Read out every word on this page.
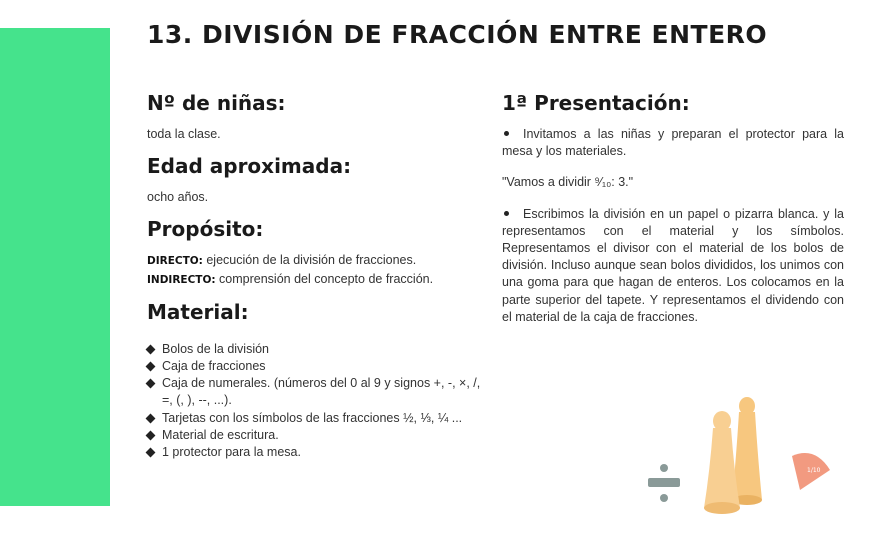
13. DIVISIÓN DE FRACCIÓN ENTRE ENTERO
Nº de niñas:
toda la clase.
Edad aproximada:
ocho años.
Propósito:
DIRECTO: ejecución de la división de fracciones.
INDIRECTO: comprensión del concepto de fracción.
Material:
Bolos de la división
Caja de fracciones
Caja de numerales. (números del 0 al 9 y signos +, -, ×, /, =, (, ), --, ...).
Tarjetas con los símbolos de las fracciones ½, ⅓, ¼ ...
Material de escritura.
1 protector para la mesa.
1ª Presentación:

Invitamos a las niñas y preparan el protector para la mesa y los materiales.

"Vamos a dividir ⁹⁄₁₀: 3."

Escribimos la división en un papel o pizarra blanca. y la representamos con el material y los símbolos. Representamos el divisor con el material de los bolos de división. Incluso aunque sean bolos divididos, los unimos con una goma para que hagan de enteros. Los colocamos en la parte superior del tapete. Y representamos el dividendo con el material de la caja de fracciones.

1/10
